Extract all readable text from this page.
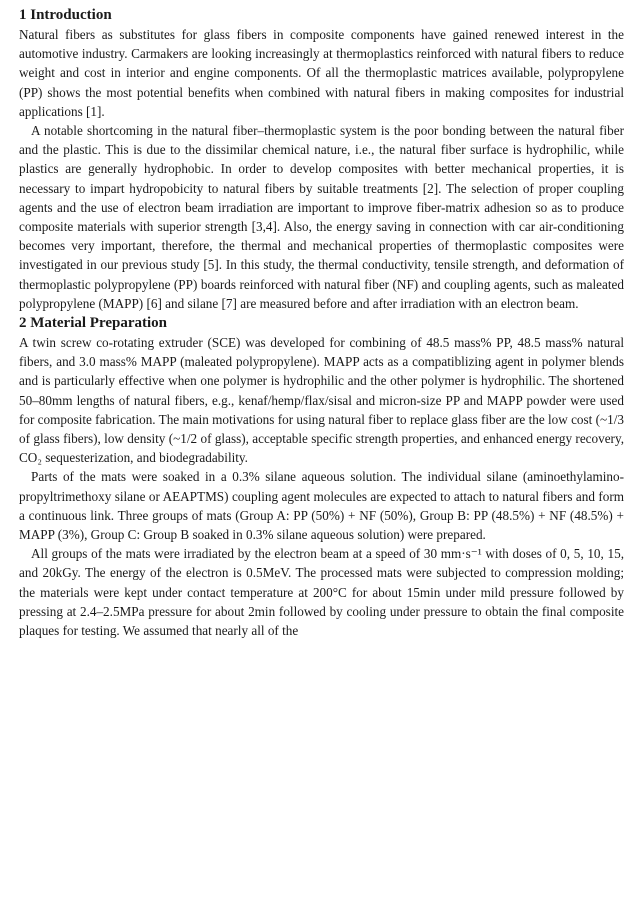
1 Introduction

Natural fibers as substitutes for glass fibers in composite components have gained renewed interest in the automotive industry. Carmakers are looking increasingly at thermoplastics reinforced with natural fibers to reduce weight and cost in interior and engine components. Of all the thermoplastic matrices available, polypropylene (PP) shows the most potential benefits when combined with natural fibers in making composites for industrial applications [1].

A notable shortcoming in the natural fiber–thermoplastic system is the poor bonding between the natural fiber and the plastic. This is due to the dissimilar chemical nature, i.e., the natural fiber surface is hydrophilic, while plastics are generally hydrophobic. In order to develop composites with better mechanical properties, it is necessary to impart hydropobicity to natural fibers by suitable treatments [2]. The selection of proper coupling agents and the use of electron beam irradiation are important to improve fiber-matrix adhesion so as to produce composite materials with superior strength [3,4]. Also, the energy saving in connection with car air-conditioning becomes very important, therefore, the thermal and mechanical properties of thermoplastic composites were investigated in our previous study [5]. In this study, the thermal conductivity, tensile strength, and deformation of thermoplastic polypropylene (PP) boards reinforced with natural fiber (NF) and coupling agents, such as maleated polypropylene (MAPP) [6] and silane [7] are measured before and after irradiation with an electron beam.

2 Material Preparation

A twin screw co-rotating extruder (SCE) was developed for combining of 48.5 mass% PP, 48.5 mass% natural fibers, and 3.0 mass% MAPP (maleated polypropylene). MAPP acts as a compatiblizing agent in polymer blends and is particularly effective when one polymer is hydrophilic and the other polymer is hydrophilic. The shortened 50–80mm lengths of natural fibers, e.g., kenaf/hemp/flax/sisal and micron-size PP and MAPP powder were used for composite fabrication. The main motivations for using natural fiber to replace glass fiber are the low cost (~1/3 of glass fibers), low density (~1/2 of glass), acceptable specific strength properties, and enhanced energy recovery, CO₂ sequesterization, and biodegradability.

Parts of the mats were soaked in a 0.3% silane aqueous solution. The individual silane (aminoethylamino-propyltrimethoxy silane or AEAPTMS) coupling agent molecules are expected to attach to natural fibers and form a continuous link. Three groups of mats (Group A: PP (50%) + NF (50%), Group B: PP (48.5%) + NF (48.5%) + MAPP (3%), Group C: Group B soaked in 0.3% silane aqueous solution) were prepared.

All groups of the mats were irradiated by the electron beam at a speed of 30 mm·s⁻¹ with doses of 0, 5, 10, 15, and 20kGy. The energy of the electron is 0.5MeV. The processed mats were subjected to compression molding; the materials were kept under contact temperature at 200°C for about 15min under mild pressure followed by pressing at 2.4–2.5MPa pressure for about 2min followed by cooling under pressure to obtain the final composite plaques for testing. We assumed that nearly all of the
